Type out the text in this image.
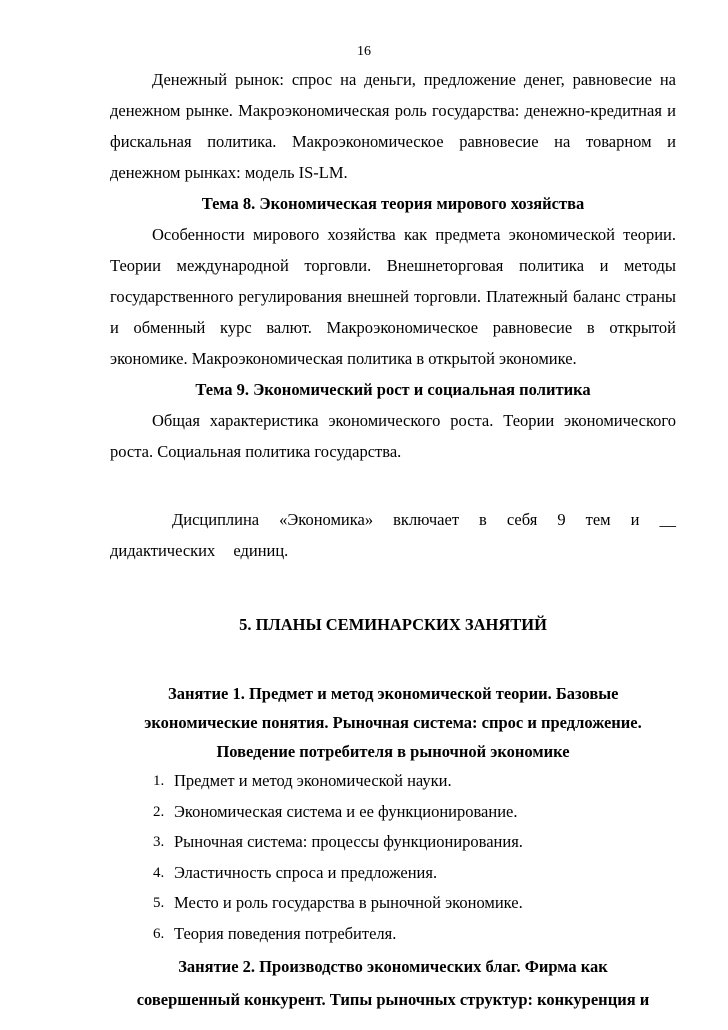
16

Денежный рынок: спрос на деньги, предложение денег, равновесие на денежном рынке. Макроэкономическая роль государства: денежно-кредитная и фискальная политика. Макроэкономическое равновесие на товарном и денежном рынках: модель IS-LM.

Тема 8. Экономическая теория мирового хозяйства

Особенности мирового хозяйства как предмета экономической теории. Теории международной торговли. Внешнеторговая политика и методы государственного регулирования внешней торговли. Платежный баланс страны и обменный курс валют. Макроэкономическое равновесие в открытой экономике. Макроэкономическая политика в открытой экономике.

Тема 9. Экономический рост и социальная политика

Общая характеристика экономического роста. Теории экономического роста. Социальная политика государства.

Дисциплина «Экономика» включает в себя 9 тем и __ дидактических единиц.

5. ПЛАНЫ СЕМИНАРСКИХ ЗАНЯТИЙ

Занятие 1. Предмет и метод экономической теории. Базовые
экономические понятия. Рыночная система: спрос и предложение.
Поведение потребителя в рыночной экономике
1. Предмет и метод экономической науки.
2. Экономическая система и ее функционирование.
3. Рыночная система: процессы функционирования.
4. Эластичность спроса и предложения.
5. Место и роль государства в рыночной экономике.
6. Теория поведения потребителя.
Занятие 2. Производство экономических благ. Фирма как
совершенный конкурент. Типы рыночных структур: конкуренция и
